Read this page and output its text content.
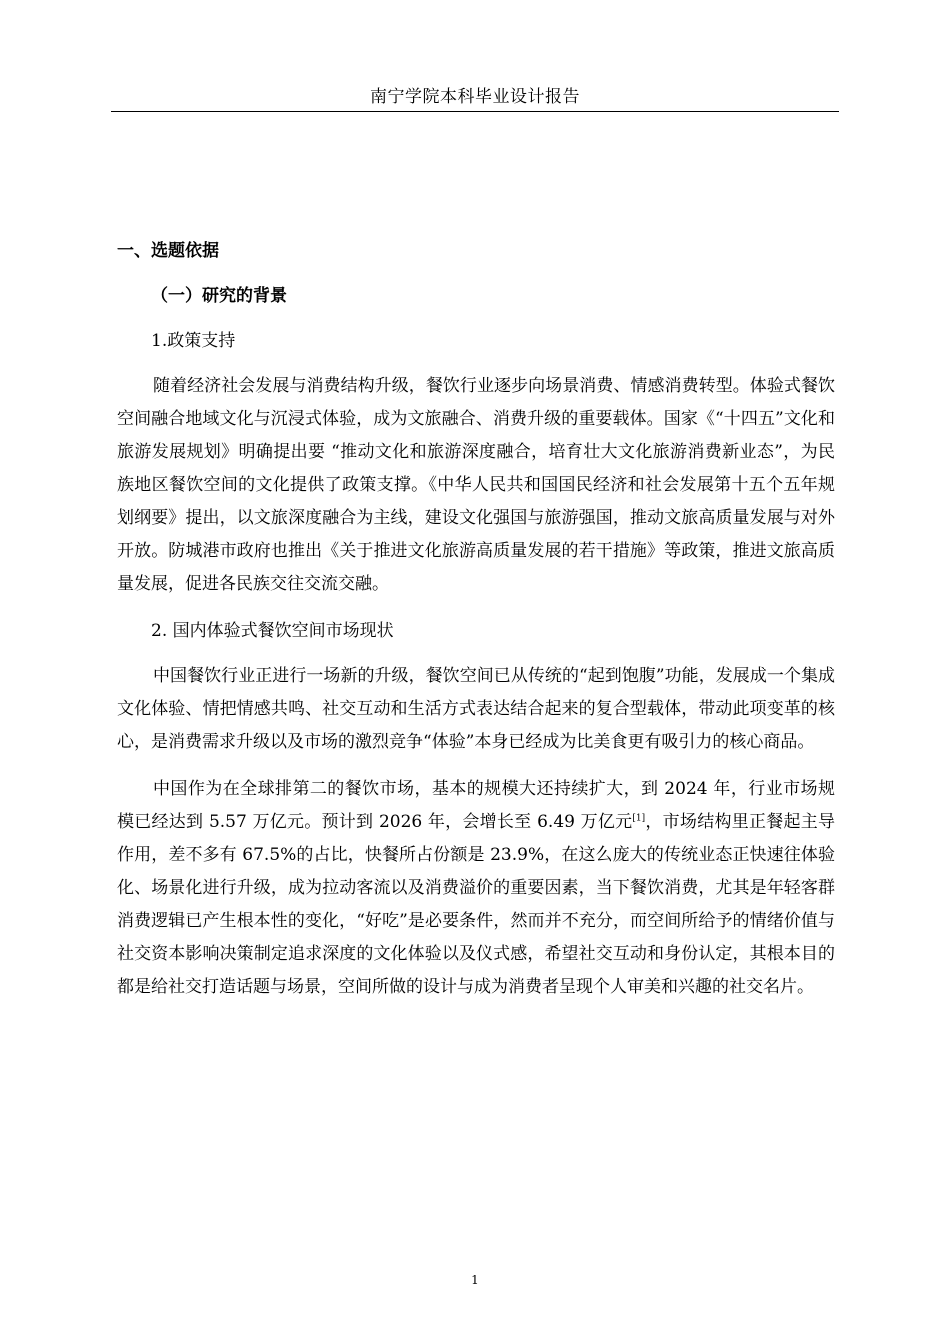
南宁学院本科毕业设计报告
一、选题依据
（一）研究的背景
1.政策支持

随着经济社会发展与消费结构升级，餐饮行业逐步向场景消费、情感消费转型。体验式餐饮空间融合地域文化与沉浸式体验，成为文旅融合、消费升级的重要载体。国家《“十四五”文化和旅游发展规划》明确提出要 “推动文化和旅游深度融合，培育壮大文化旅游消费新业态”，为民族地区餐饮空间的文化提供了政策支撑。《中华人民共和国国民经济和社会发展第十五个五年规划纲要》提出，以文旅深度融合为主线，建设文化强国与旅游强国，推动文旅高质量发展与对外开放。防城港市政府也推出《关于推进文化旅游高质量发展的若干措施》等政策，推进文旅高质量发展，促进各民族交往交流交融。

2. 国内体验式餐饮空间市场现状

中国餐饮行业正进行一场新的升级，餐饮空间已从传统的“起到饱腹”功能，发展成一个集成文化体验、情把情感共鸣、社交互动和生活方式表达结合起来的复合型载体，带动此项变革的核心，是消费需求升级以及市场的激烈竞争“体验”本身已经成为比美食更有吸引力的核心商品。

中国作为在全球排第二的餐饮市场，基本的规模大还持续扩大，到 2024 年，行业市场规模已经达到 5.57 万亿元。预计到 2026 年，会增长至 6.49 万亿元[1]，市场结构里正餐起主导作用，差不多有 67.5%的占比，快餐所占份额是 23.9%，在这么庞大的传统业态正快速往体验化、场景化进行升级，成为拉动客流以及消费溢价的重要因素，当下餐饮消费，尤其是年轻客群消费逻辑已产生根本性的变化，“好吃”是必要条件，然而并不充分，而空间所给予的情绪价值与社交资本影响决策制定追求深度的文化体验以及仪式感，希望社交互动和身份认定，其根本目的都是给社交打造话题与场景，空间所做的设计与成为消费者呈现个人审美和兴趣的社交名片。

1
